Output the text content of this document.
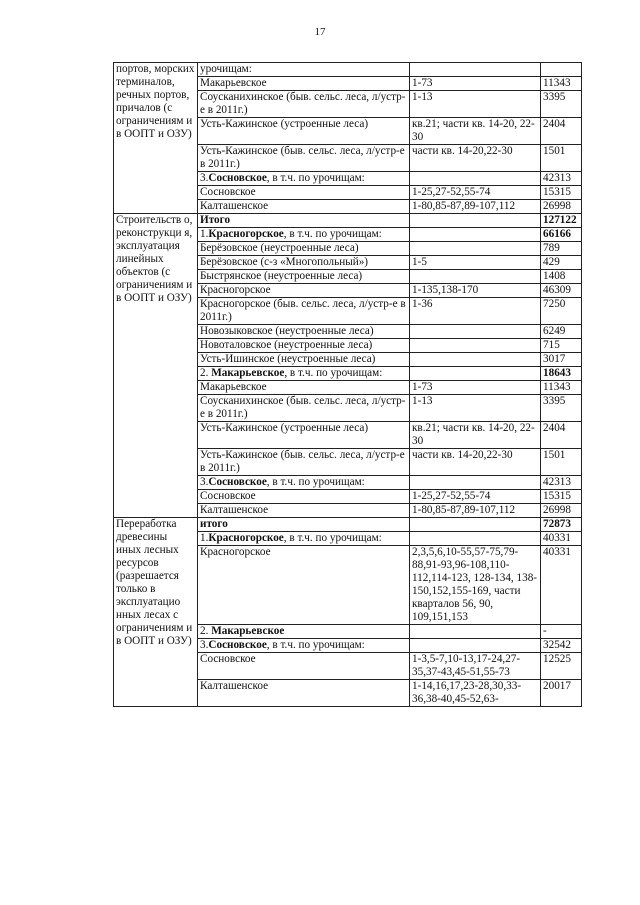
17
портов, морских терминалов, речных портов, причалов (с ограничениям и в ООПТ и ОЗУ)	урочищам:		
	Макарьевское	1-73	11343
	Соусканихинское (быв. сельс. леса, л/устр-е в 2011г.)	1-13	3395
	Усть-Кажинское (устроенные леса)	кв.21; части кв. 14-20, 22-30	2404
	Усть-Кажинское (быв. сельс. леса, л/устр-е в 2011г.)	части кв. 14-20,22-30	1501
	3.Сосновское, в т.ч. по урочищам:		42313
	Сосновское	1-25,27-52,55-74	15315
	Калташенское	1-80,85-87,89-107,112	26998
Строительств о, реконструкци я, эксплуатация линейных объектов (с ограничениям и в ООПТ и ОЗУ)	Итого		127122
	1.Красногорское, в т.ч. по урочищам:		66166
	Берёзовское (неустроенные леса)		789
	Берёзовское (с-з «Многопольный»)	1-5	429
	Быстрянское (неустроенные леса)		1408
	Красногорское	1-135,138-170	46309
	Красногорское (быв. сельс. леса, л/устр-е в 2011г.)	1-36	7250
	Новозыковское (неустроенные леса)		6249
	Новоталовское (неустроенные леса)		715
	Усть-Ишинское (неустроенные леса)		3017
	2. Макарьевское, в т.ч. по урочищам:		18643
	Макарьевское	1-73	11343
	Соусканихинское (быв. сельс. леса, л/устр-е в 2011г.)	1-13	3395
	Усть-Кажинское (устроенные леса)	кв.21; части кв. 14-20, 22-30	2404
	Усть-Кажинское (быв. сельс. леса, л/устр-е в 2011г.)	части кв. 14-20,22-30	1501
	3.Сосновское, в т.ч. по урочищам:		42313
	Сосновское	1-25,27-52,55-74	15315
	Калташенское	1-80,85-87,89-107,112	26998
Переработка древесины иных лесных ресурсов (разрешается только в эксплуатацио нных лесах с ограничениям и в ООПТ и ОЗУ)	итого		72873
	1.Красногорское, в т.ч. по урочищам:		40331
	Красногорское	2,3,5,6,10-55,57-75,79-88,91-93,96-108,110-112,114-123, 128-134, 138-150,152,155-169, части кварталов 56, 90, 109,151,153	40331
	2. Макарьевское		-
	3.Сосновское, в т.ч. по урочищам:		32542
	Сосновское	1-3,5-7,10-13,17-24,27-35,37-43,45-51,55-73	12525
	Калташенское	1-14,16,17,23-28,30,33-36,38-40,45-52,63-	20017
